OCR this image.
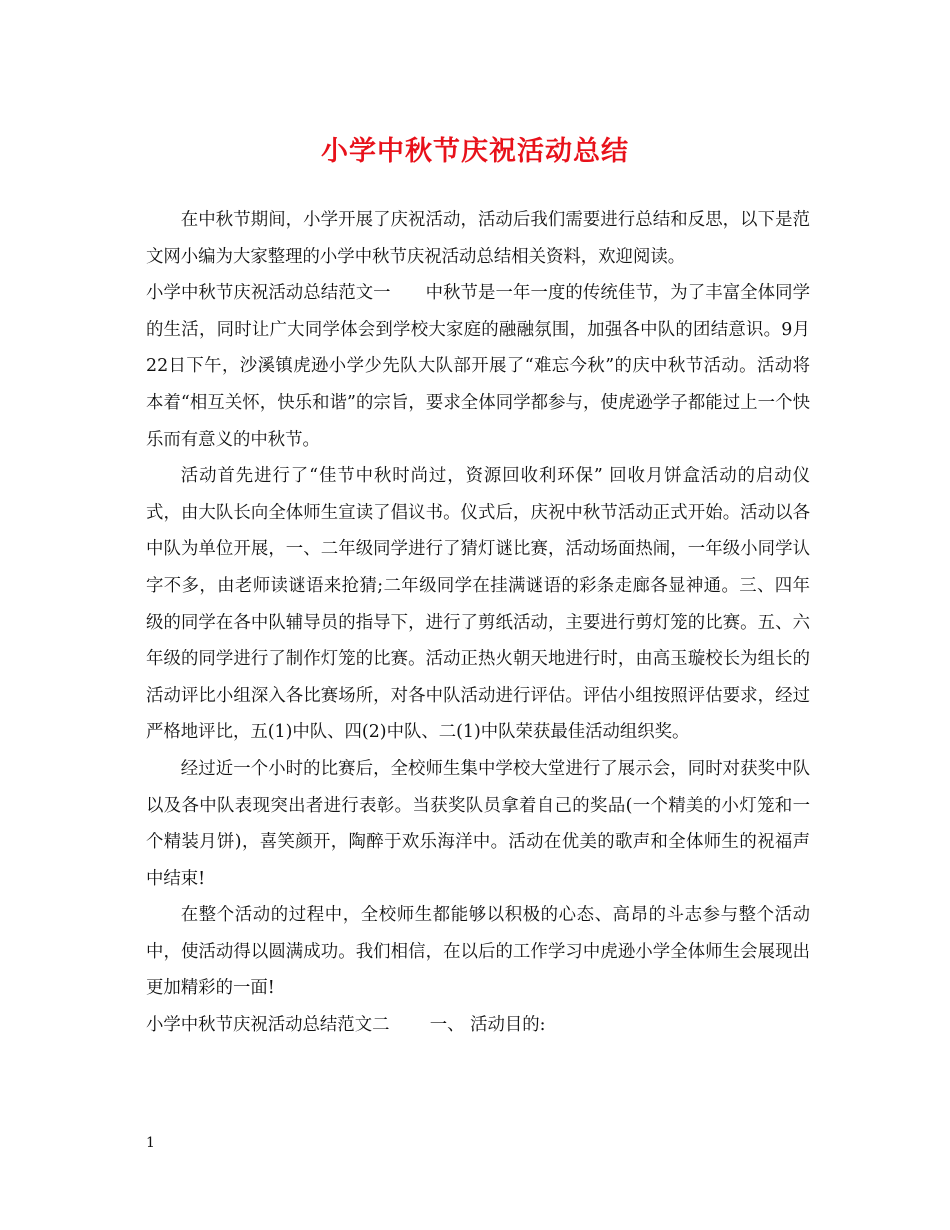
小学中秋节庆祝活动总结

在中秋节期间，小学开展了庆祝活动，活动后我们需要进行总结和反思，以下是范文网小编为大家整理的小学中秋节庆祝活动总结相关资料，欢迎阅读。

小学中秋节庆祝活动总结范文一　　中秋节是一年一度的传统佳节，为了丰富全体同学的生活，同时让广大同学体会到学校大家庭的融融氛围，加强各中队的团结意识。9月22日下午，沙溪镇虎逊小学少先队大队部开展了“难忘今秋”的庆中秋节活动。活动将本着“相互关怀，快乐和谐”的宗旨，要求全体同学都参与，使虎逊学子都能过上一个快乐而有意义的中秋节。

活动首先进行了“佳节中秋时尚过，资源回收利环保” 回收月饼盒活动的启动仪式，由大队长向全体师生宣读了倡议书。仪式后，庆祝中秋节活动正式开始。活动以各中队为单位开展，一、二年级同学进行了猜灯谜比赛，活动场面热闹，一年级小同学认字不多，由老师读谜语来抢猜;二年级同学在挂满谜语的彩条走廊各显神通。三、四年级的同学在各中队辅导员的指导下，进行了剪纸活动，主要进行剪灯笼的比赛。五、六年级的同学进行了制作灯笼的比赛。活动正热火朝天地进行时，由高玉璇校长为组长的活动评比小组深入各比赛场所，对各中队活动进行评估。评估小组按照评估要求，经过严格地评比，五(1)中队、四(2)中队、二(1)中队荣获最佳活动组织奖。

经过近一个小时的比赛后，全校师生集中学校大堂进行了展示会，同时对获奖中队以及各中队表现突出者进行表彰。当获奖队员拿着自己的奖品(一个精美的小灯笼和一个精装月饼)，喜笑颜开，陶醉于欢乐海洋中。活动在优美的歌声和全体师生的祝福声中结束!

在整个活动的过程中，全校师生都能够以积极的心态、高昂的斗志参与整个活动中，使活动得以圆满成功。我们相信，在以后的工作学习中虎逊小学全体师生会展现出更加精彩的一面!

小学中秋节庆祝活动总结范文二　　 一、 活动目的:

1
